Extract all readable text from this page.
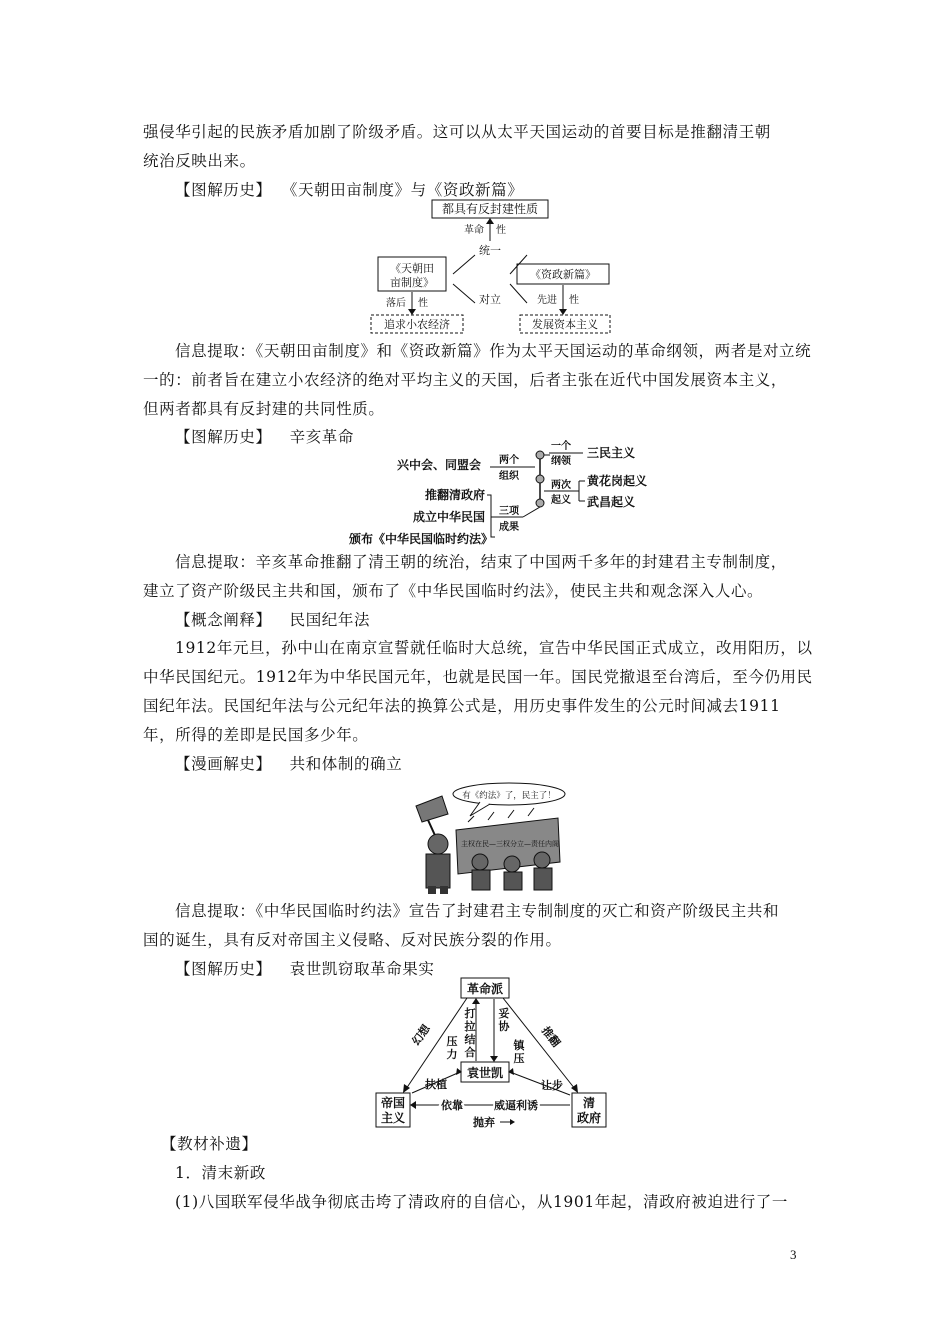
强侵华引起的民族矛盾加剧了阶级矛盾。这可以从太平天国运动的首要目标是推翻清王朝
统治反映出来。
【图解历史】 《天朝田亩制度》与《资政新篇》
都具有反封建性质
革命 性
统一
《天朝田
亩制度》
《资政新篇》
对立
落后 性	先进 性
追求小农经济	发展资本主义
信息提取：《天朝田亩制度》和《资政新篇》作为太平天国运动的革命纲领，两者是对立统
一的：前者旨在建立小农经济的绝对平均主义的天国，后者主张在近代中国发展资本主义，
但两者都具有反封建的共同性质。
【图解历史】 辛亥革命
兴中会、同盟会 两个
组织
一个
纲领
三民主义
两次
起义
黄花岗起义
武昌起义
推翻清政府
成立中华民国
颁布《中华民国临时约法》
三项
成果
信息提取：辛亥革命推翻了清王朝的统治，结束了中国两千多年的封建君主专制制度，
建立了资产阶级民主共和国，颁布了《中华民国临时约法》，使民主共和观念深入人心。
【概念阐释】 民国纪年法
1912年元旦，孙中山在南京宣誓就任临时大总统，宣告中华民国正式成立，改用阳历，以
中华民国纪元。1912年为中华民国元年，也就是民国一年。国民党撤退至台湾后，至今仍用民
国纪年法。民国纪年法与公元纪年法的换算公式是，用历史事件发生的公元时间减去1911
年，所得的差即是民国多少年。
【漫画解史】 共和体制的确立
有《约法》了，民主了！
主权在民—三权分立—责任内阁
信息提取：《中华民国临时约法》宣告了封建君主专制制度的灭亡和资产阶级民主共和
国的诞生，具有反对帝国主义侵略、反对民族分裂的作用。
【图解历史】 袁世凯窃取革命果实
革命派
帝国
主义
清
政府
袁世凯
幻想	推翻
打
拉
结
合
妥
协
压
力
扶植
镇
压
让步
依靠	威逼利诱
抛弃
【教材补遗】
1．清末新政
(1)八国联军侵华战争彻底击垮了清政府的自信心，从1901年起，清政府被迫进行了一
3
